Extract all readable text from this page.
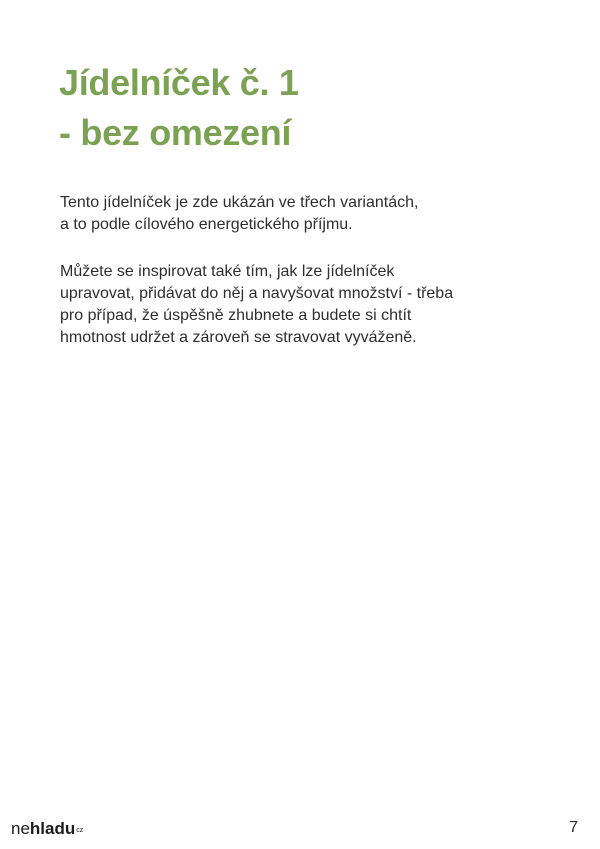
Jídelníček č. 1
- bez omezení

Tento jídelníček je zde ukázán ve třech variantách,
a to podle cílového energetického příjmu.

Můžete se inspirovat také tím, jak lze jídelníček
upravovat, přidávat do něj a navyšovat množství - třeba
pro případ, že úspěšně zhubnete a budete si chtít
hmotnost udržet a zároveň se stravovat vyváženě.

nehladu$^{cz}$	7
